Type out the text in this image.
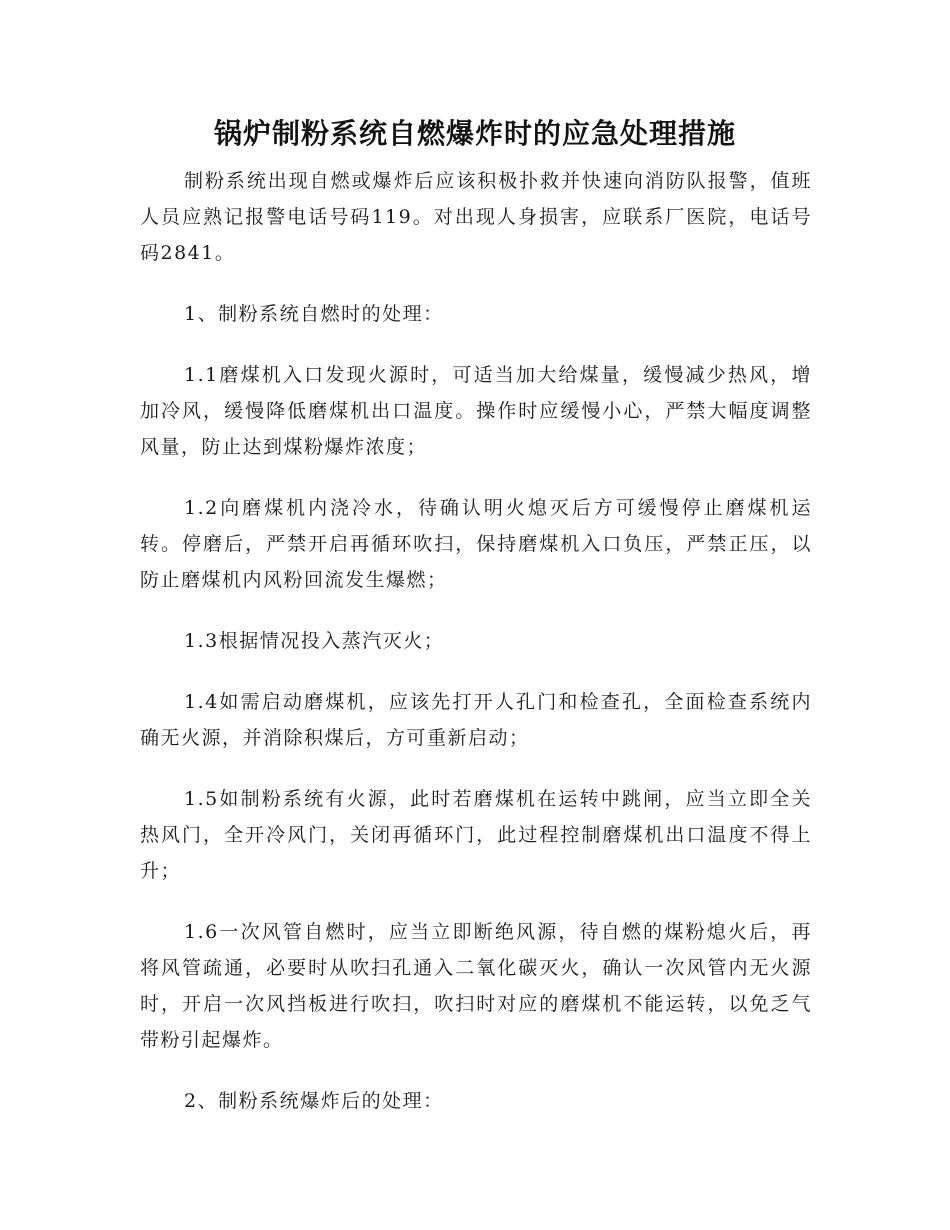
锅炉制粉系统自燃爆炸时的应急处理措施

制粉系统出现自燃或爆炸后应该积极扑救并快速向消防队报警，值班人员应熟记报警电话号码119。对出现人身损害，应联系厂医院，电话号码2841。

1、制粉系统自燃时的处理：

1.1磨煤机入口发现火源时，可适当加大给煤量，缓慢减少热风，增加冷风，缓慢降低磨煤机出口温度。操作时应缓慢小心，严禁大幅度调整风量，防止达到煤粉爆炸浓度；

1.2向磨煤机内浇冷水，待确认明火熄灭后方可缓慢停止磨煤机运转。停磨后，严禁开启再循环吹扫，保持磨煤机入口负压，严禁正压，以防止磨煤机内风粉回流发生爆燃；

1.3根据情况投入蒸汽灭火；

1.4如需启动磨煤机，应该先打开人孔门和检查孔，全面检查系统内确无火源，并消除积煤后，方可重新启动；

1.5如制粉系统有火源，此时若磨煤机在运转中跳闸，应当立即全关热风门，全开冷风门，关闭再循环门，此过程控制磨煤机出口温度不得上升；

1.6一次风管自燃时，应当立即断绝风源，待自燃的煤粉熄火后，再将风管疏通，必要时从吹扫孔通入二氧化碳灭火，确认一次风管内无火源时，开启一次风挡板进行吹扫，吹扫时对应的磨煤机不能运转，以免乏气带粉引起爆炸。

2、制粉系统爆炸后的处理：
